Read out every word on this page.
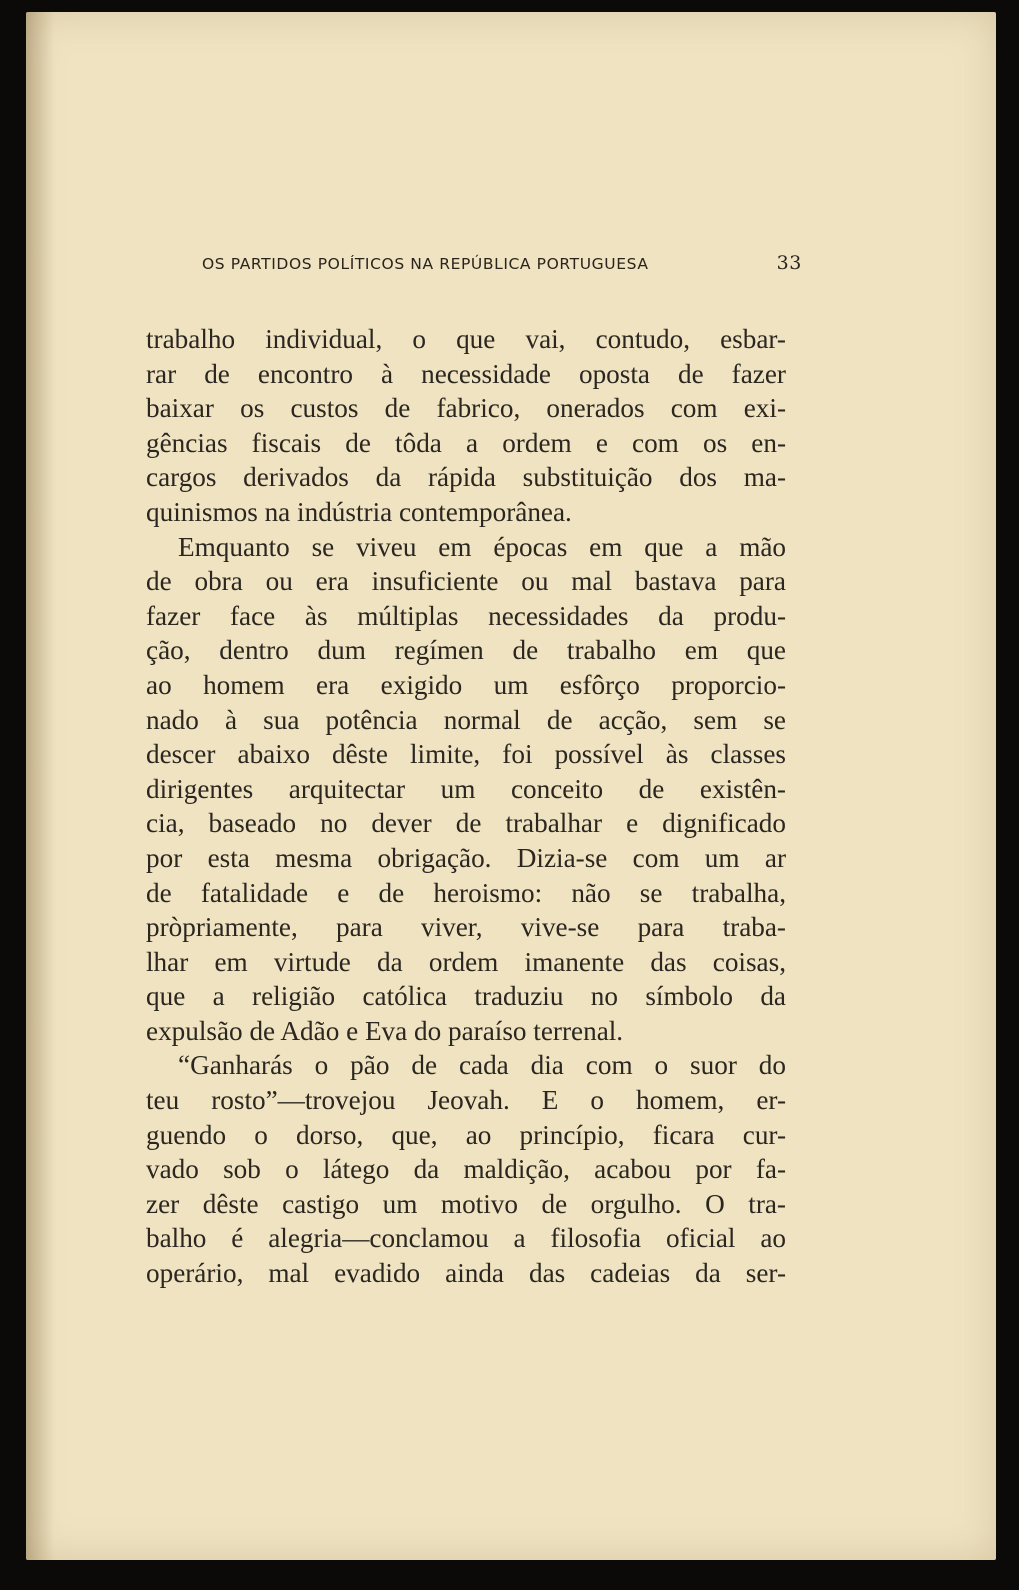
OS PARTIDOS POLÍTICOS NA REPÚBLICA PORTUGUESA	33
trabalho individual, o que vai, contudo, esbar-
rar de encontro à necessidade oposta de fazer
baixar os custos de fabrico, onerados com exi-
gências fiscais de tôda a ordem e com os en-
cargos derivados da rápida substituição dos ma-
quinismos na indústria contemporânea.
Emquanto se viveu em épocas em que a mão
de obra ou era insuficiente ou mal bastava para
fazer face às múltiplas necessidades da produ-
ção, dentro dum regímen de trabalho em que
ao homem era exigido um esfôrço proporcio-
nado à sua potência normal de acção, sem se
descer abaixo dêste limite, foi possível às classes
dirigentes arquitectar um conceito de existên-
cia, baseado no dever de trabalhar e dignificado
por esta mesma obrigação. Dizia-se com um ar
de fatalidade e de heroismo: não se trabalha,
pròpriamente, para viver, vive-se para traba-
lhar em virtude da ordem imanente das coisas,
que a religião católica traduziu no símbolo da
expulsão de Adão e Eva do paraíso terrenal.
“Ganharás o pão de cada dia com o suor do
teu rosto”—trovejou Jeovah. E o homem, er-
guendo o dorso, que, ao princípio, ficara cur-
vado sob o látego da maldição, acabou por fa-
zer dêste castigo um motivo de orgulho. O tra-
balho é alegria—conclamou a filosofia oficial ao
operário, mal evadido ainda das cadeias da ser-
